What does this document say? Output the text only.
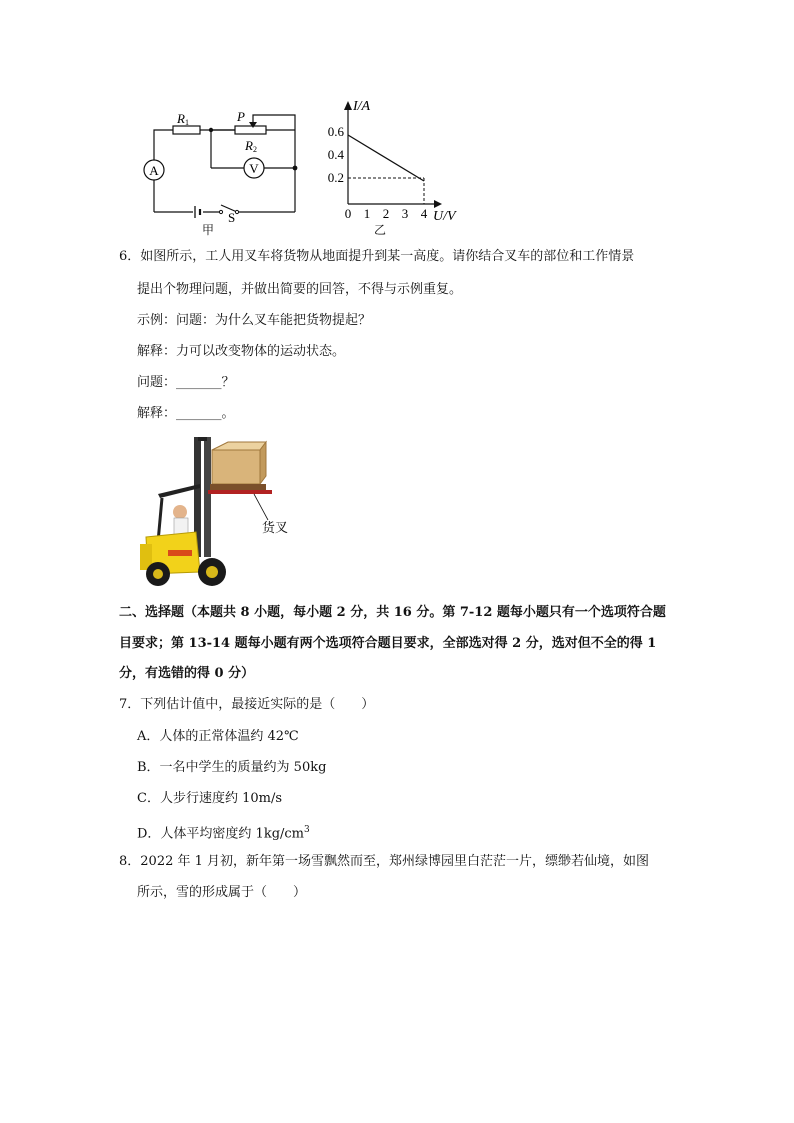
A	V
R1	P
R2
S
甲
I/A
U/V
0.6
0.4
0.2
0 1 2 3 4
乙
6．如图所示，工人用叉车将货物从地面提升到某一高度。请你结合叉车的部位和工作情景
提出个物理问题，并做出简要的回答，不得与示例重复。
示例：问题：为什么叉车能把货物提起？
解释：力可以改变物体的运动状态。
问题：_______？
解释：_______。
货叉
二、选择题（本题共 8 小题，每小题 2 分，共 16 分。第 7-12 题每小题只有一个选项符合题
目要求；第 13-14 题每小题有两个选项符合题目要求，全部选对得 2 分，选对但不全的得 1
分，有选错的得 0 分）
7．下列估计值中，最接近实际的是（　　）
A．人体的正常体温约 42℃
B．一名中学生的质量约为 50kg
C．人步行速度约 10m/s
D．人体平均密度约 $1kg/cm^3$
8．2022 年 1 月初，新年第一场雪飘然而至，郑州绿博园里白茫茫一片，缥缈若仙境，如图
所示，雪的形成属于（　　）
